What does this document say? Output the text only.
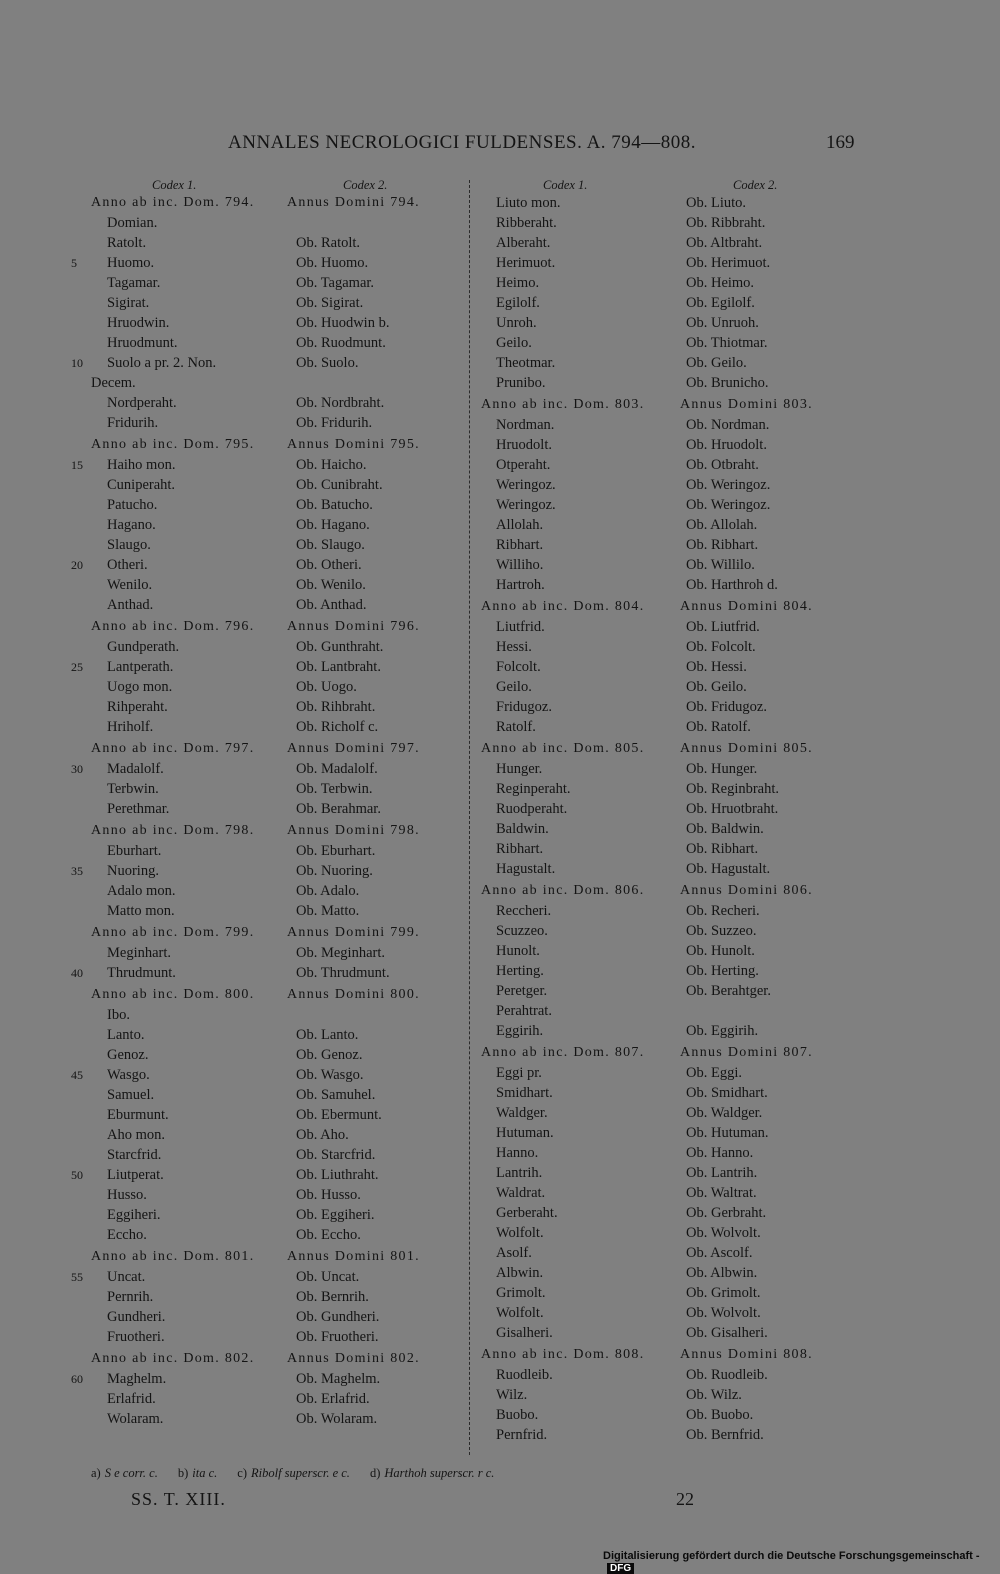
ANNALES NECROLOGICI FULDENSES. A. 794—808.	169
Codex 1.	Codex 2.
Anno ab inc. Dom. 794. Annus Domini 794.
Domian.
Ratolt.	Ob. Ratolt.
5	Huomo.	Ob. Huomo.
Tagamar.	Ob. Tagamar.
Sigirat.	Ob. Sigirat.
Hruodwin.	Ob. Huodwin b.
Hruodmunt.	Ob. Ruodmunt.
10	Suolo a pr. 2. Non.	Ob. Suolo.
Decem.
Nordperaht.	Ob. Nordbraht.
Fridurih.	Ob. Fridurih.
Anno ab inc. Dom. 795. Annus Domini 795.
15	Haiho mon.	Ob. Haicho.
Cuniperaht.	Ob. Cunibraht.
Patucho.	Ob. Batucho.
Hagano.	Ob. Hagano.
Slaugo.	Ob. Slaugo.
20	Otheri.	Ob. Otheri.
Wenilo.	Ob. Wenilo.
Anthad.	Ob. Anthad.
Anno ab inc. Dom. 796. Annus Domini 796.
Gundperath.	Ob. Gunthraht.
25	Lantperath.	Ob. Lantbraht.
Uogo mon.	Ob. Uogo.
Rihperaht.	Ob. Rihbraht.
Hriholf.	Ob. Richolf c.
Anno ab inc. Dom. 797. Annus Domini 797.
30	Madalolf.	Ob. Madalolf.
Terbwin.	Ob. Terbwin.
Perethmar.	Ob. Berahmar.
Anno ab inc. Dom. 798. Annus Domini 798.
Eburhart.	Ob. Eburhart.
35	Nuoring.	Ob. Nuoring.
Adalo mon.	Ob. Adalo.
Matto mon.	Ob. Matto.
Anno ab inc. Dom. 799. Annus Domini 799.
Meginhart.	Ob. Meginhart.
40	Thrudmunt.	Ob. Thrudmunt.
Anno ab inc. Dom. 800. Annus Domini 800.
Ibo.
Lanto.	Ob. Lanto.
Genoz.	Ob. Genoz.
45	Wasgo.	Ob. Wasgo.
Samuel.	Ob. Samuhel.
Eburmunt.	Ob. Ebermunt.
Aho mon.	Ob. Aho.
Starcfrid.	Ob. Starcfrid.
50	Liutperat.	Ob. Liuthraht.
Husso.	Ob. Husso.
Eggiheri.	Ob. Eggiheri.
Eccho.	Ob. Eccho.
Anno ab inc. Dom. 801. Annus Domini 801.
55	Uncat.	Ob. Uncat.
Pernrih.	Ob. Bernrih.
Gundheri.	Ob. Gundheri.
Fruotheri.	Ob. Fruotheri.
Anno ab inc. Dom. 802. Annus Domini 802.
60	Maghelm.	Ob. Maghelm.
Erlafrid.	Ob. Erlafrid.
Wolaram.	Ob. Wolaram.
Codex 1.	Codex 2.
Liuto mon.	Ob. Liuto.
Ribberaht.	Ob. Ribbraht.
Alberaht.	Ob. Altbraht.
Herimuot.	Ob. Herimuot.
Heimo.	Ob. Heimo.
Egilolf.	Ob. Egilolf.
Unroh.	Ob. Unruoh.
Geilo.	Ob. Thiotmar.
Theotmar.	Ob. Geilo.
Prunibo.	Ob. Brunicho.
Anno ab inc. Dom. 803.	Annus Domini 803.
Nordman.	Ob. Nordman.
Hruodolt.	Ob. Hruodolt.
Otperaht.	Ob. Otbraht.
Weringoz.	Ob. Weringoz.
Weringoz.	Ob. Weringoz.
Allolah.	Ob. Allolah.
Ribhart.	Ob. Ribhart.
Williho.	Ob. Willilo.
Hartroh.	Ob. Harthroh d.
Anno ab inc. Dom. 804.	Annus Domini 804.
Liutfrid.	Ob. Liutfrid.
Hessi.	Ob. Folcolt.
Folcolt.	Ob. Hessi.
Geilo.	Ob. Geilo.
Fridugoz.	Ob. Fridugoz.
Ratolf.	Ob. Ratolf.
Anno ab inc. Dom. 805.	Annus Domini 805.
Hunger.	Ob. Hunger.
Reginperaht.	Ob. Reginbraht.
Ruodperaht.	Ob. Hruotbraht.
Baldwin.	Ob. Baldwin.
Ribhart.	Ob. Ribhart.
Hagustalt.	Ob. Hagustalt.
Anno ab inc. Dom. 806.	Annus Domini 806.
Reccheri.	Ob. Recheri.
Scuzzeo.	Ob. Suzzeo.
Hunolt.	Ob. Hunolt.
Herting.	Ob. Herting.
Peretger.	Ob. Berahtger.
Perahtrat.
Eggirih.	Ob. Eggirih.
Anno ab inc. Dom. 807.	Annus Domini 807.
Eggi pr.	Ob. Eggi.
Smidhart.	Ob. Smidhart.
Waldger.	Ob. Waldger.
Hutuman.	Ob. Hutuman.
Hanno.	Ob. Hanno.
Lantrih.	Ob. Lantrih.
Waldrat.	Ob. Waltrat.
Gerberaht.	Ob. Gerbraht.
Wolfolt.	Ob. Wolvolt.
Asolf.	Ob. Ascolf.
Albwin.	Ob. Albwin.
Grimolt.	Ob. Grimolt.
Wolfolt.	Ob. Wolvolt.
Gisalheri.	Ob. Gisalheri.
Anno ab inc. Dom. 808.	Annus Domini 808.
Ruodleib.	Ob. Ruodleib.
Wilz.	Ob. Wilz.
Buobo.	Ob. Buobo.
Pernfrid.	Ob. Bernfrid.
a) S e corr. c. b) ita c. c) Ribolf superscr. e c. d) Harthoh superscr. r c.
SS. T. XIII.	22
Digitalisierung gefördert durch die Deutsche Forschungsgemeinschaft -DFG
